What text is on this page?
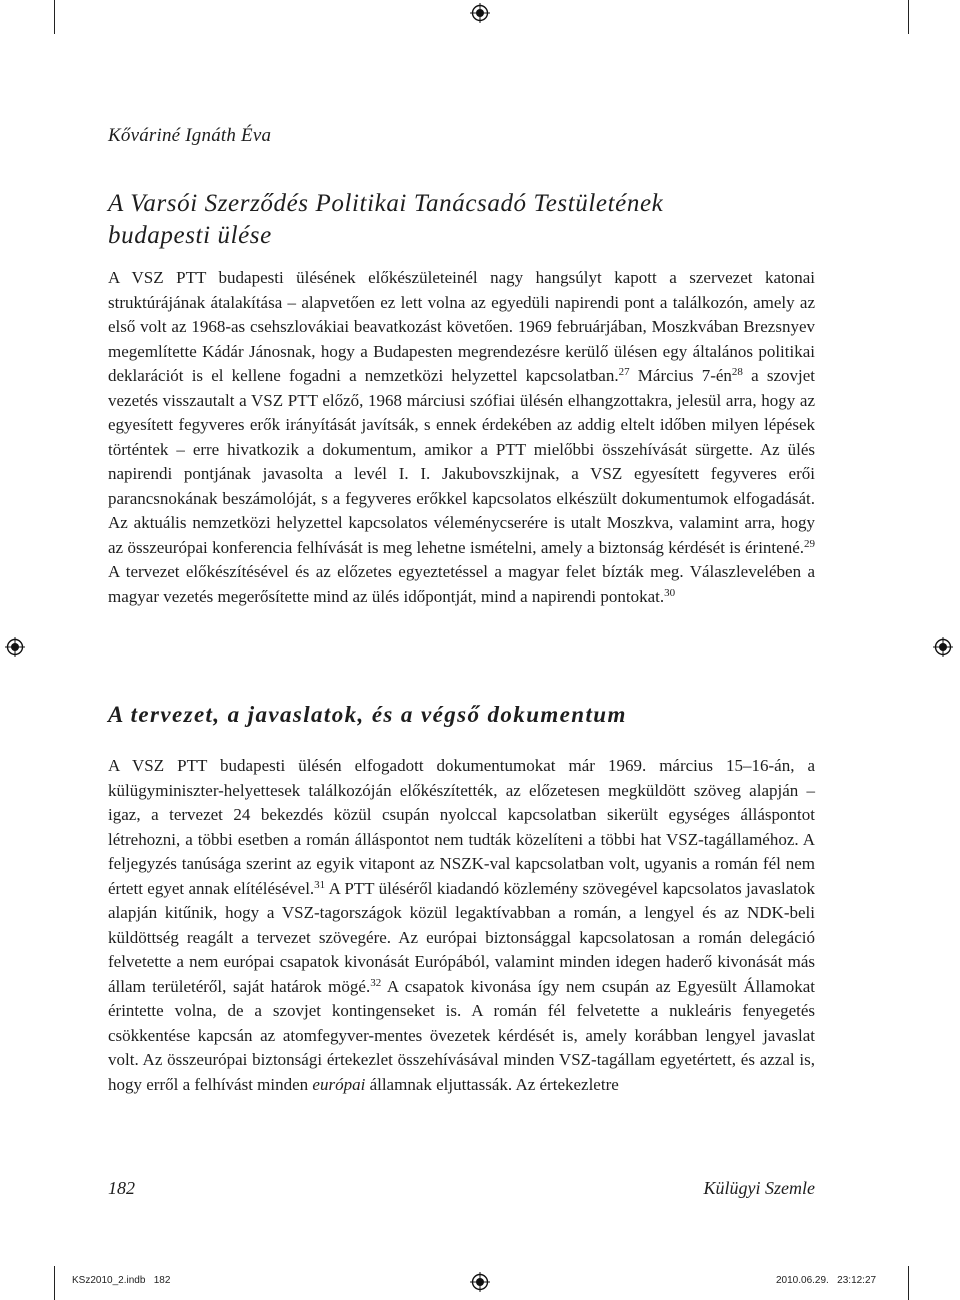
Kőváriné Ignáth Éva
A Varsói Szerződés Politikai Tanácsadó Testületének
budapesti ülése

A VSZ PTT budapesti ülésének előkészületeinél nagy hangsúlyt kapott a szervezet katonai struktúrájának átalakítása – alapvetően ez lett volna az egyedüli napirendi pont a találkozón, amely az első volt az 1968-as csehszlovákiai beavatkozást követően. 1969 februárjában, Moszkvában Brezsnyev megemlítette Kádár Jánosnak, hogy a Budapesten megrendezésre kerülő ülésen egy általános politikai deklarációt is el kellene fogadni a nemzetközi helyzettel kapcsolatban.$^{27}$ Március $7-én^{28}$ a szovjet vezetés visszautalt a VSZ PTT előző, 1968 márciusi szófiai ülésén elhangzottakra, jelesül arra, hogy az egyesített fegyveres erők irányítását javítsák, s ennek érdekében az addig eltelt időben milyen lépések történtek – erre hivatkozik a dokumentum, amikor a PTT mielőbbi összehívását sürgette. Az ülés napirendi pontjának javasolta a levél I. I. Jakubovszkijnak, a VSZ egyesített fegyveres erői parancsnokának beszámolóját, s a fegyveres erőkkel kapcsolatos elkészült dokumentumok elfogadását. Az aktuális nemzetközi helyzettel kapcsolatos véleménycserére is utalt Moszkva, valamint arra, hogy az összeurópai konferencia felhívását is meg lehetne ismételni, amely a biztonság kérdését is érintené.$^{29}$ A tervezet előkészítésével és az előzetes egyeztetéssel a magyar felet bízták meg. Válaszlevelében a magyar vezetés megerősítette mind az ülés időpontját, mind a napirendi pontokat.$^{30}$

A tervezet, a javaslatok, és a végső dokumentum

A VSZ PTT budapesti ülésén elfogadott dokumentumokat már 1969. március 15–16-án, a külügyminiszter-helyettesek találkozóján előkészítették, az előzetesen megküldött szöveg alapján – igaz, a tervezet 24 bekezdés közül csupán nyolccal kapcsolatban sikerült egységes álláspontot létrehozni, a többi esetben a román álláspontot nem tudták közelíteni a többi hat VSZ-tagállaméhoz. A feljegyzés tanúsága szerint az egyik vitapont az NSZK-val kapcsolatban volt, ugyanis a román fél nem értett egyet annak elítélésével.$^{31}$ A PTT üléséről kiadandó közlemény szövegével kapcsolatos javaslatok alapján kitűnik, hogy a VSZ-tagországok közül legaktívabban a román, a lengyel és az NDK-beli küldöttség reagált a tervezet szövegére. Az európai biztonsággal kapcsolatosan a román delegáció felvetette a nem európai csapatok kivonását Európából, valamint minden idegen haderő kivonását más állam területéről, saját határok mögé.$^{32}$ A csapatok kivonása így nem csupán az Egyesült Államokat érintette volna, de a szovjet kontingenseket is. A román fél felvetette a nukleáris fenyegetés csökkentése kapcsán az atomfegyver-mentes övezetek kérdését is, amely korábban lengyel javaslat volt. Az összeurópai biztonsági értekezlet összehívásával minden VSZ-tagállam egyetértett, és azzal is, hogy erről a felhívást minden európai államnak eljuttassák. Az értekezletre

182	Külügyi Szemle
KSz2010_2.indb   182	2010.06.29.   23:12:27
